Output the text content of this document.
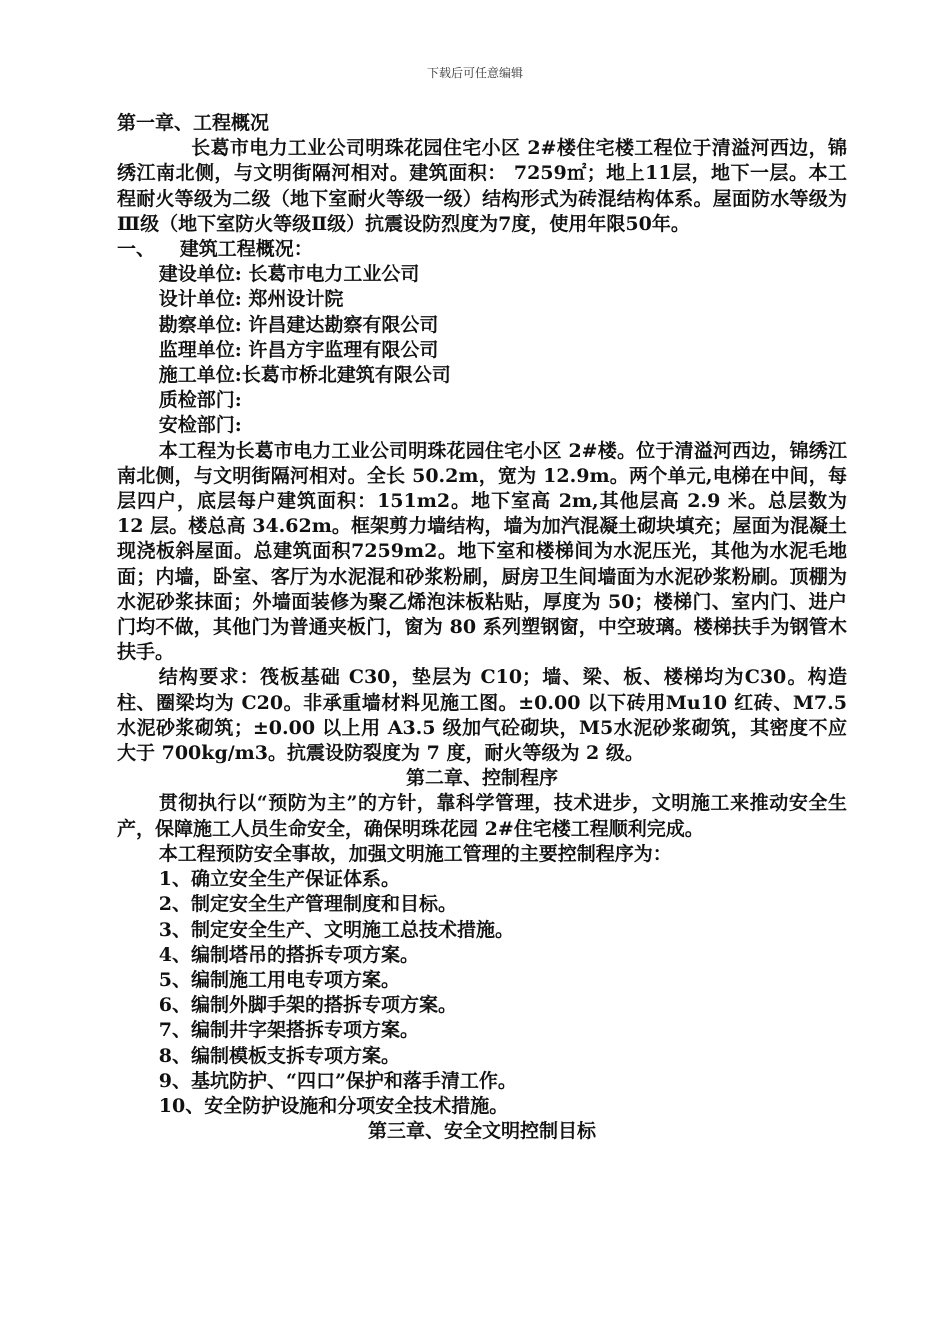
下载后可任意编辑

第一章、工程概况

长葛市电力工业公司明珠花园住宅小区 2#楼住宅楼工程位于清溢河西边，锦绣江南北侧，与文明街隔河相对。建筑面积： 7259㎡；地上11层，地下一层。本工程耐火等级为二级（地下室耐火等级一级）结构形式为砖混结构体系。屋面防水等级为Ⅲ级（地下室防火等级Ⅱ级）抗震设防烈度为7度，使用年限50年。

一、 建筑工程概况：

建设单位: 长葛市电力工业公司

设计单位: 郑州设计院

勘察单位: 许昌建达勘察有限公司

监理单位: 许昌方宇监理有限公司

施工单位:长葛市桥北建筑有限公司

质检部门:

安检部门:

本工程为长葛市电力工业公司明珠花园住宅小区 2#楼。位于清溢河西边，锦绣江南北侧，与文明街隔河相对。全长 50.2m，宽为 12.9m。两个单元,电梯在中间，每层四户，底层每户建筑面积：151m2。地下室高 2m,其他层高 2.9 米。总层数为 12 层。楼总高 34.62m。框架剪力墙结构，墙为加汽混凝土砌块填充；屋面为混凝土现浇板斜屋面。总建筑面积7259m2。地下室和楼梯间为水泥压光，其他为水泥毛地面；内墙，卧室、客厅为水泥混和砂浆粉刷，厨房卫生间墙面为水泥砂浆粉刷。顶棚为水泥砂浆抹面；外墙面装修为聚乙烯泡沫板粘贴，厚度为 50；楼梯门、室内门、进户门均不做，其他门为普通夹板门，窗为 80 系列塑钢窗，中空玻璃。楼梯扶手为钢管木扶手。

结构要求：筏板基础 C30，垫层为 C10；墙、梁、板、楼梯均为C30。构造柱、圈梁均为 C20。非承重墙材料见施工图。±0.00 以下砖用Mu10 红砖、M7.5 水泥砂浆砌筑；±0.00 以上用 A3.5 级加气砼砌块，M5水泥砂浆砌筑，其密度不应大于 700kg/m3。抗震设防裂度为 7 度，耐火等级为 2 级。

第二章、控制程序

贯彻执行以“预防为主”的方针，靠科学管理，技术进步，文明施工来推动安全生产，保障施工人员生命安全，确保明珠花园 2#住宅楼工程顺利完成。

本工程预防安全事故，加强文明施工管理的主要控制程序为：

1、确立安全生产保证体系。

2、制定安全生产管理制度和目标。

3、制定安全生产、文明施工总技术措施。

4、编制塔吊的搭拆专项方案。

5、编制施工用电专项方案。

6、编制外脚手架的搭拆专项方案。

7、编制井字架搭拆专项方案。

8、编制模板支拆专项方案。

9、基坑防护、“四口”保护和落手清工作。

10、安全防护设施和分项安全技术措施。

第三章、安全文明控制目标
